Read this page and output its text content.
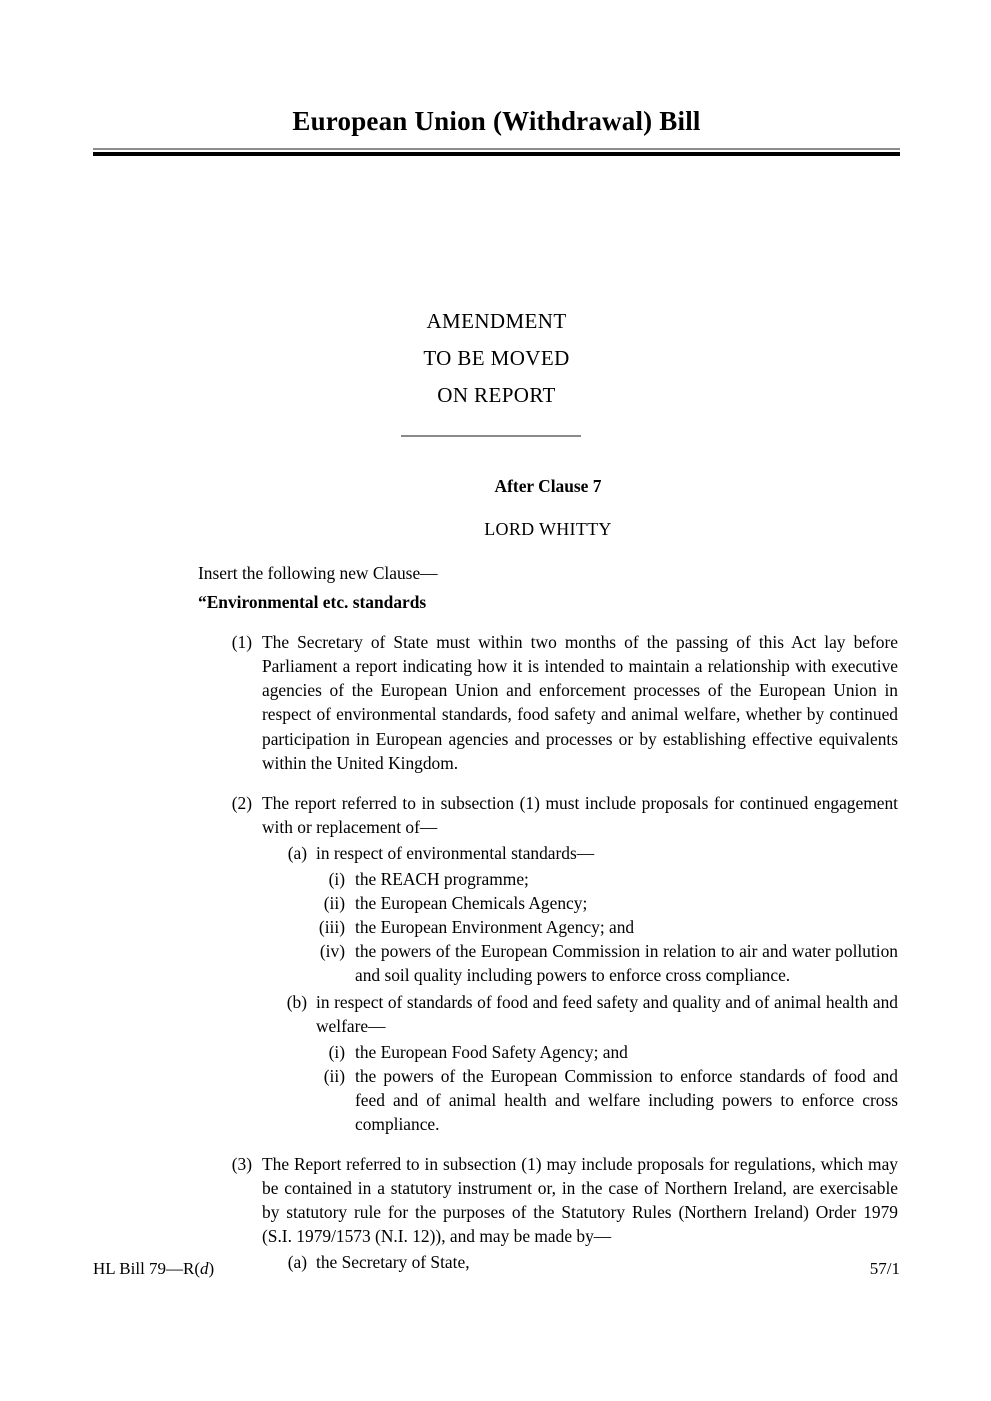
European Union (Withdrawal) Bill
AMENDMENT
TO BE MOVED
ON REPORT
After Clause 7
LORD WHITTY
Insert the following new Clause—
“Environmental etc. standards
(1) The Secretary of State must within two months of the passing of this Act lay before Parliament a report indicating how it is intended to maintain a relationship with executive agencies of the European Union and enforcement processes of the European Union in respect of environmental standards, food safety and animal welfare, whether by continued participation in European agencies and processes or by establishing effective equivalents within the United Kingdom.
(2) The report referred to in subsection (1) must include proposals for continued engagement with or replacement of—
(a) in respect of environmental standards—
(i) the REACH programme;
(ii) the European Chemicals Agency;
(iii) the European Environment Agency; and
(iv) the powers of the European Commission in relation to air and water pollution and soil quality including powers to enforce cross compliance.
(b) in respect of standards of food and feed safety and quality and of animal health and welfare—
(i) the European Food Safety Agency; and
(ii) the powers of the European Commission to enforce standards of food and feed and of animal health and welfare including powers to enforce cross compliance.
(3) The Report referred to in subsection (1) may include proposals for regulations, which may be contained in a statutory instrument or, in the case of Northern Ireland, are exercisable by statutory rule for the purposes of the Statutory Rules (Northern Ireland) Order 1979 (S.I. 1979/1573 (N.I. 12)), and may be made by—
(a) the Secretary of State,
HL Bill 79—R(d)	57/1
